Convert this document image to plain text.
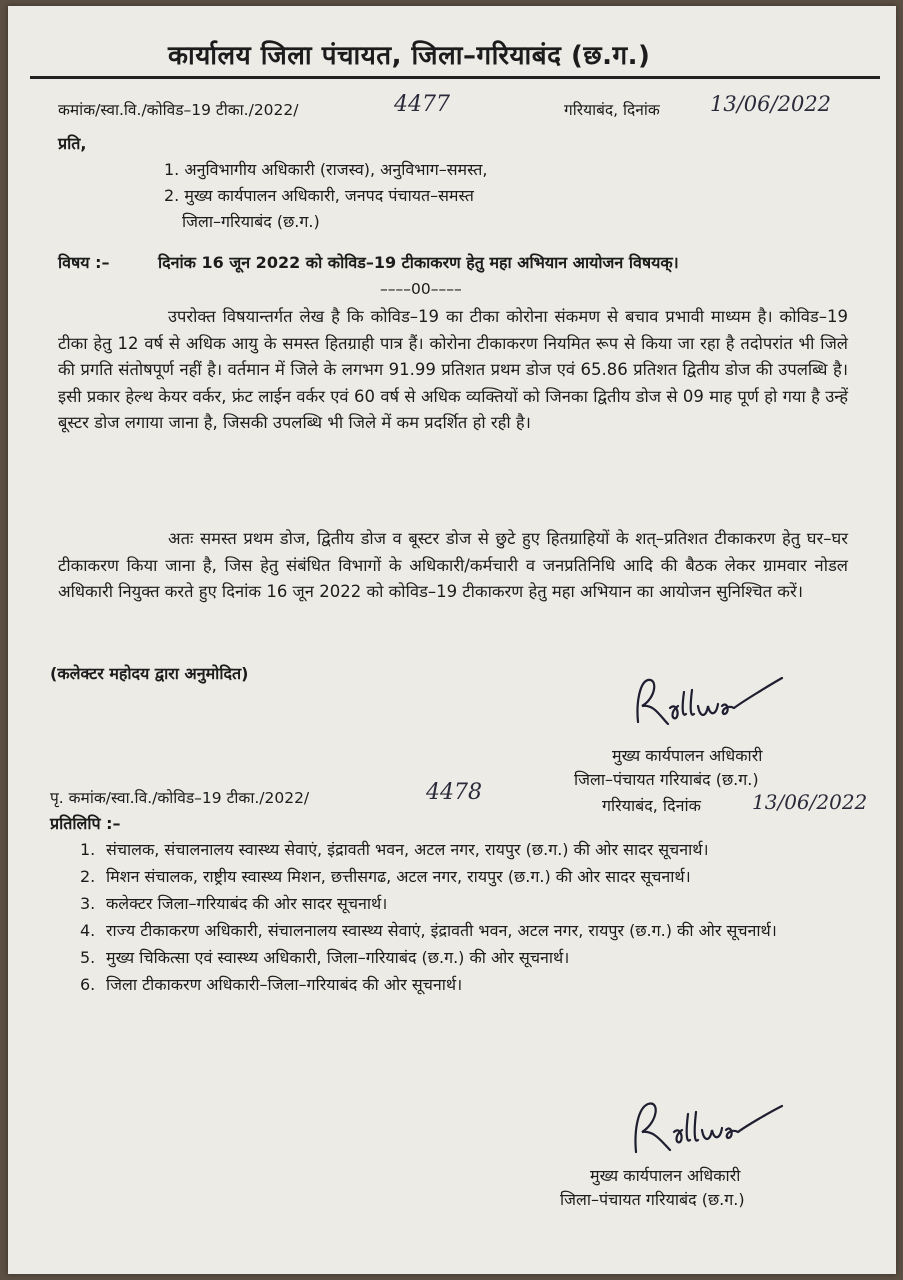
कार्यालय जिला पंचायत, जिला–गरियाबंद (छ.ग.)
कमांक/स्वा.वि./कोविड–19 टीका./2022/	4477	गरियाबंद, दिनांक 13/06/2022
प्रति,
1. अनुविभागीय अधिकारी (राजस्व), अनुविभाग–समस्त,
2. मुख्य कार्यपालन अधिकारी, जनपद पंचायत–समस्त
जिला–गरियाबंद (छ.ग.)
विषय :–	दिनांक 16 जून 2022 को कोविड–19 टीकाकरण हेतु महा अभियान आयोजन विषयक्।
––––00––––
उपरोक्त विषयान्तर्गत लेख है कि कोविड–19 का टीका कोरोना संकमण से बचाव प्रभावी माध्यम है। कोविड–19 टीका हेतु 12 वर्ष से अधिक आयु के समस्त हितग्राही पात्र हैं। कोरोना टीकाकरण नियमित रूप से किया जा रहा है तदोपरांत भी जिले की प्रगति संतोषपूर्ण नहीं है। वर्तमान में जिले के लगभग 91.99 प्रतिशत प्रथम डोज एवं 65.86 प्रतिशत द्वितीय डोज की उपलब्धि है। इसी प्रकार हेल्थ केयर वर्कर, फ्रंट लाईन वर्कर एवं 60 वर्ष से अधिक व्यक्तियों को जिनका द्वितीय डोज से 09 माह पूर्ण हो गया है उन्हें बूस्टर डोज लगाया जाना है, जिसकी उपलब्धि भी जिले में कम प्रदर्शित हो रही है।
अतः समस्त प्रथम डोज, द्वितीय डोज व बूस्टर डोज से छुटे हुए हितग्राहियों के शत्–प्रतिशत टीकाकरण हेतु घर–घर टीकाकरण किया जाना है, जिस हेतु संबंधित विभागों के अधिकारी/कर्मचारी व जनप्रतिनिधि आदि की बैठक लेकर ग्रामवार नोडल अधिकारी नियुक्त करते हुए दिनांक 16 जून 2022 को कोविड–19 टीकाकरण हेतु महा अभियान का आयोजन सुनिश्चित करें।
(कलेक्टर महोदय द्वारा अनुमोदित)
मुख्य कार्यपालन अधिकारी
जिला–पंचायत गरियाबंद (छ.ग.)
पृ. कमांक/स्वा.वि./कोविड–19 टीका./2022/	4478
गरियाबंद, दिनांक	13/06/2022
प्रतिलिपि :–
1. संचालक, संचालनालय स्वास्थ्य सेवाएं, इंद्रावती भवन, अटल नगर, रायपुर (छ.ग.) की ओर सादर सूचनार्थ।
2. मिशन संचालक, राष्ट्रीय स्वास्थ्य मिशन, छत्तीसगढ, अटल नगर, रायपुर (छ.ग.) की ओर सादर सूचनार्थ।
3. कलेक्टर जिला–गरियाबंद की ओर सादर सूचनार्थ।
4. राज्य टीकाकरण अधिकारी, संचालनालय स्वास्थ्य सेवाएं, इंद्रावती भवन, अटल नगर, रायपुर (छ.ग.) की ओर सूचनार्थ।
5. मुख्य चिकित्सा एवं स्वास्थ्य अधिकारी, जिला–गरियाबंद (छ.ग.) की ओर सूचनार्थ।
6. जिला टीकाकरण अधिकारी–जिला–गरियाबंद की ओर सूचनार्थ।
मुख्य कार्यपालन अधिकारी
जिला–पंचायत गरियाबंद (छ.ग.)
